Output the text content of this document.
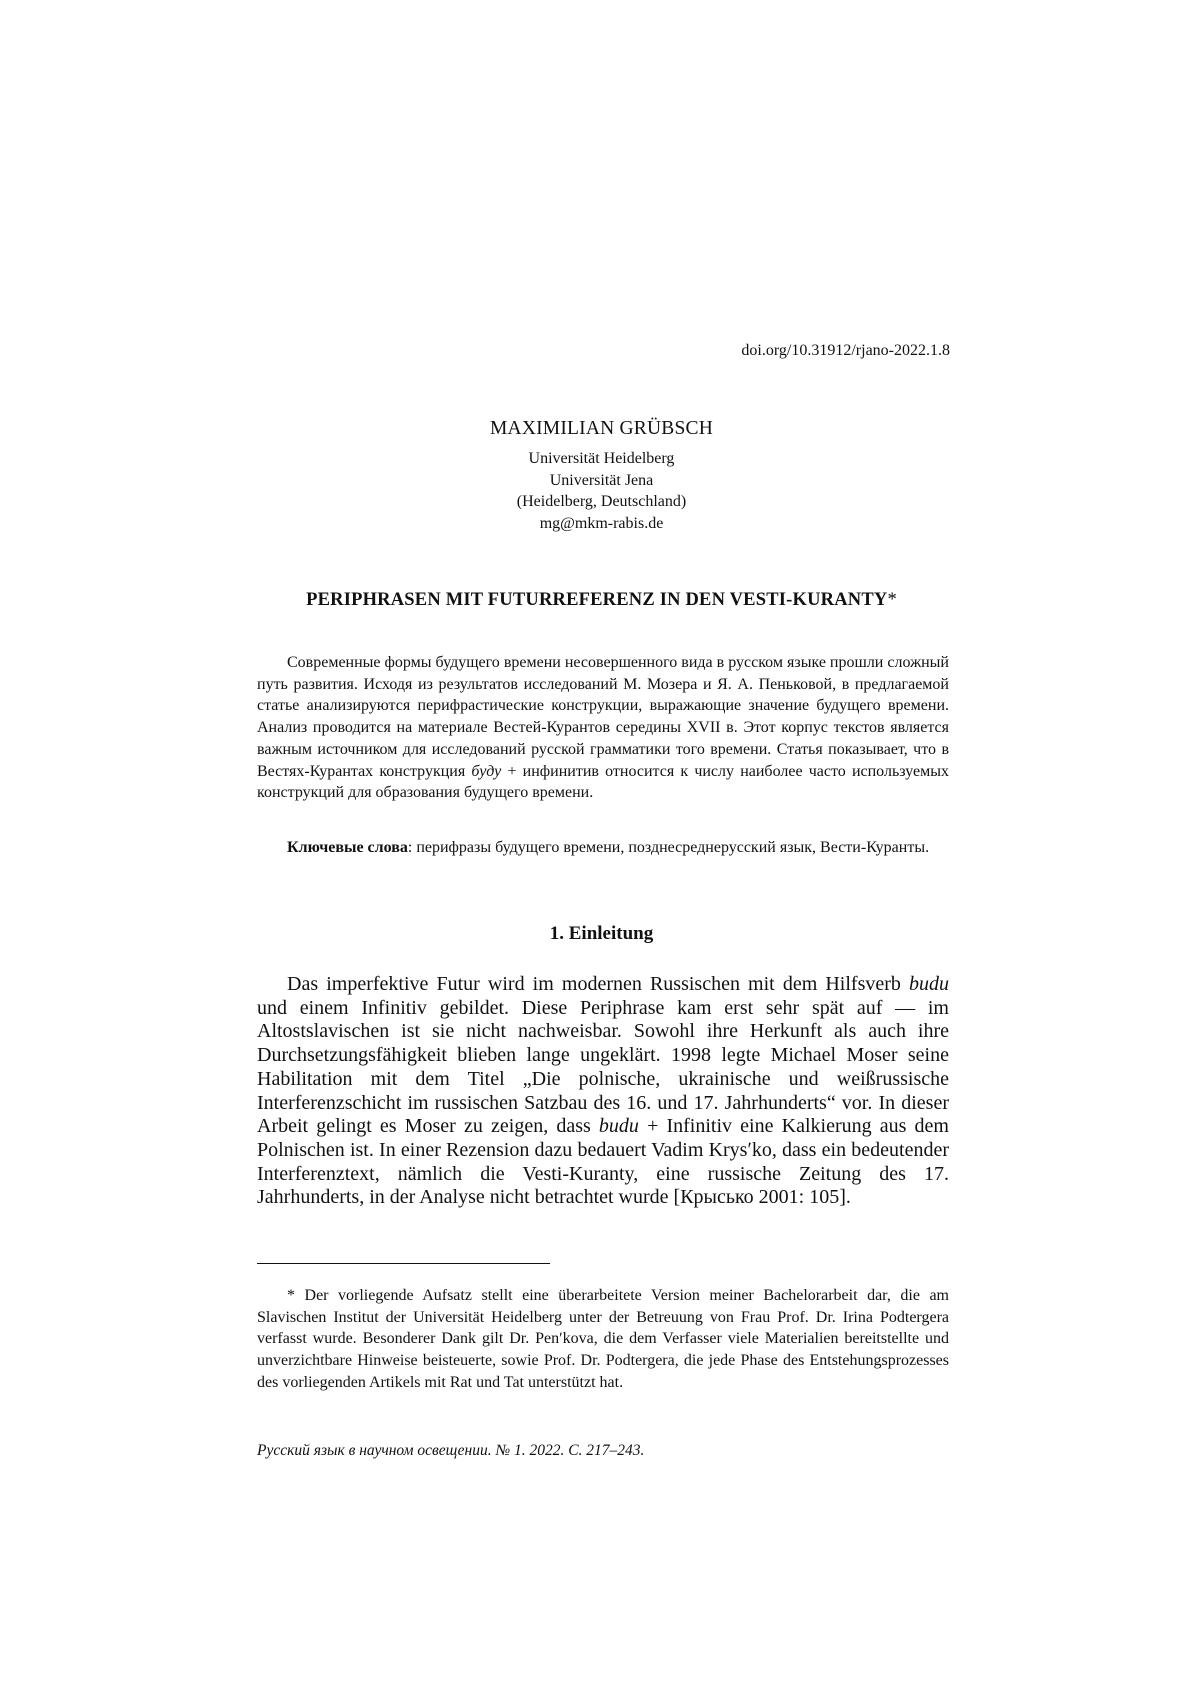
doi.org/10.31912/rjano-2022.1.8

MAXIMILIAN GRÜBSCH

Universität Heidelberg

Universität Jena

(Heidelberg, Deutschland)

mg@mkm-rabis.de

PERIPHRASEN MIT FUTURREFERENZ IN DEN VESTI-KURANTY*

Современные формы будущего времени несовершенного вида в русском языке прошли сложный путь развития. Исходя из результатов исследований М. Мозера и Я. А. Пеньковой, в предлагаемой статье анализируются перифрастические конструкции, выражающие значение будущего времени. Анализ проводится на материале Вестей-Курантов середины XVII в. Этот корпус текстов является важным источником для исследований русской грамматики того времени. Статья показывает, что в Вестях-Курантах конструкция буду + инфинитив относится к числу наиболее часто используемых конструкций для образования будущего времени.

Ключевые слова: перифразы будущего времени, позднесреднерусский язык, Вести-Куранты.

1. Einleitung

Das imperfektive Futur wird im modernen Russischen mit dem Hilfsverb budu und einem Infinitiv gebildet. Diese Periphrase kam erst sehr spät auf — im Altostslavischen ist sie nicht nachweisbar. Sowohl ihre Herkunft als auch ihre Durchsetzungsfähigkeit blieben lange ungeklärt. 1998 legte Michael Moser seine Habilitation mit dem Titel „Die polnische, ukrainische und weißrussische Interferenzschicht im russischen Satzbau des 16. und 17. Jahrhunderts“ vor. In dieser Arbeit gelingt es Moser zu zeigen, dass budu + Infinitiv eine Kalkierung aus dem Polnischen ist. In einer Rezension dazu bedauert Vadim Krysʹko, dass ein bedeutender Interferenztext, nämlich die Vesti-Kuranty, eine russische Zeitung des 17. Jahrhunderts, in der Analyse nicht betrachtet wurde [Крысько 2001: 105].

* Der vorliegende Aufsatz stellt eine überarbeitete Version meiner Bachelorarbeit dar, die am Slavischen Institut der Universität Heidelberg unter der Betreuung von Frau Prof. Dr. Irina Podtergera verfasst wurde. Besonderer Dank gilt Dr. Penʹkova, die dem Verfasser viele Materialien bereitstellte und unverzichtbare Hinweise beisteuerte, sowie Prof. Dr. Podtergera, die jede Phase des Entstehungsprozesses des vorliegenden Artikels mit Rat und Tat unterstützt hat.

Русский язык в научном освещении. № 1. 2022. С. 217–243.
